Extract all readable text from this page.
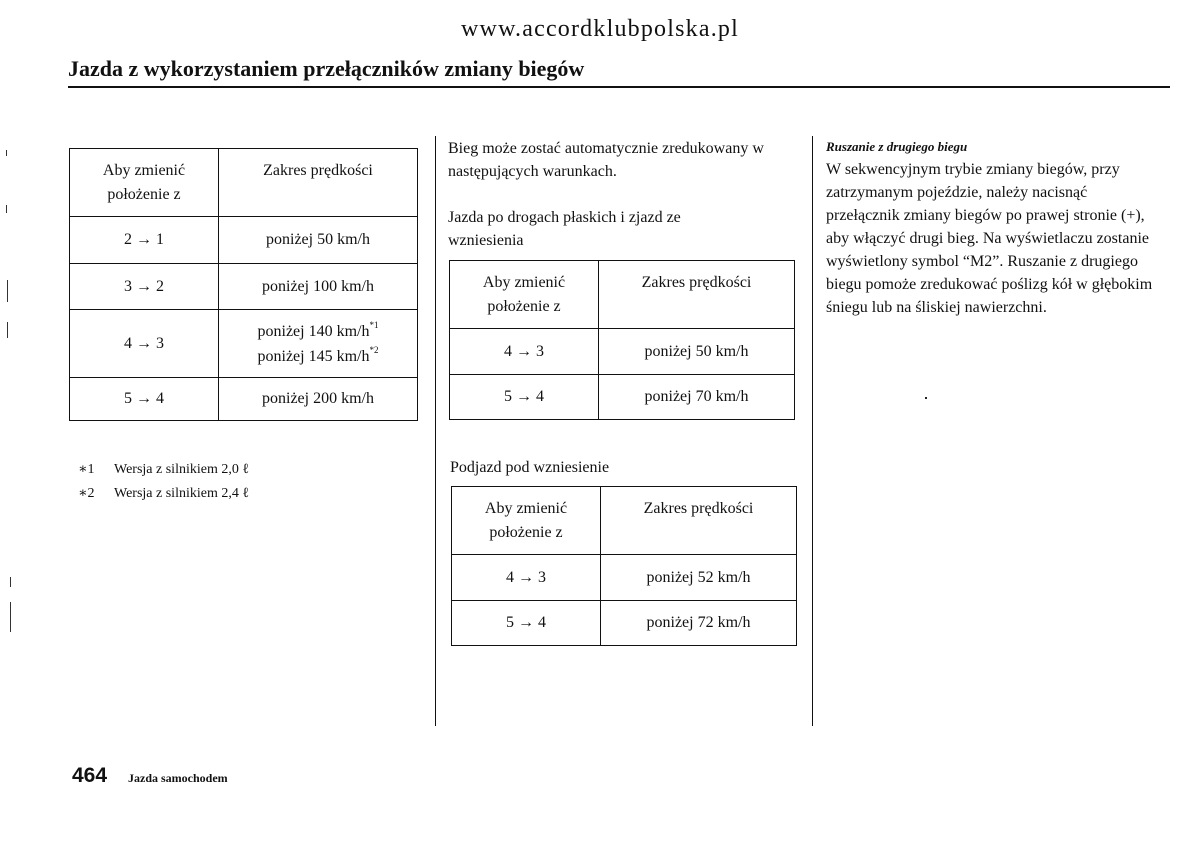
www.accordklubpolska.pl
Jazda z wykorzystaniem przełączników zmiany biegów
Aby zmienić położenie z	Zakres prędkości
2 → 1	poniżej 50 km/h
3 → 2	poniżej 100 km/h
4 → 3	poniżej 140 $km/h^{*1}$
poniżej 145 $km/h^{*2}$
5 → 4	poniżej 200 km/h
∗1 Wersja z silnikiem 2,0 ℓ
∗2 Wersja z silnikiem 2,4 ℓ
Bieg może zostać automatycznie zredukowany w następujących warunkach.
Jazda po drogach płaskich i zjazd ze wzniesienia
Aby zmienić położenie z	Zakres prędkości
4 → 3	poniżej 50 km/h
5 → 4	poniżej 70 km/h
Podjazd pod wzniesienie
Aby zmienić położenie z	Zakres prędkości
4 → 3	poniżej 52 km/h
5 → 4	poniżej 72 km/h
Ruszanie z drugiego biegu
W sekwencyjnym trybie zmiany biegów, przy zatrzymanym pojeździe, należy nacisnąć przełącznik zmiany biegów po prawej stronie (+), aby włączyć drugi bieg. Na wyświetlaczu zostanie wyświetlony symbol “M2”. Ruszanie z drugiego biegu pomoże zredukować poślizg kół w głębokim śniegu lub na śliskiej nawierzchni.
464 Jazda samochodem
